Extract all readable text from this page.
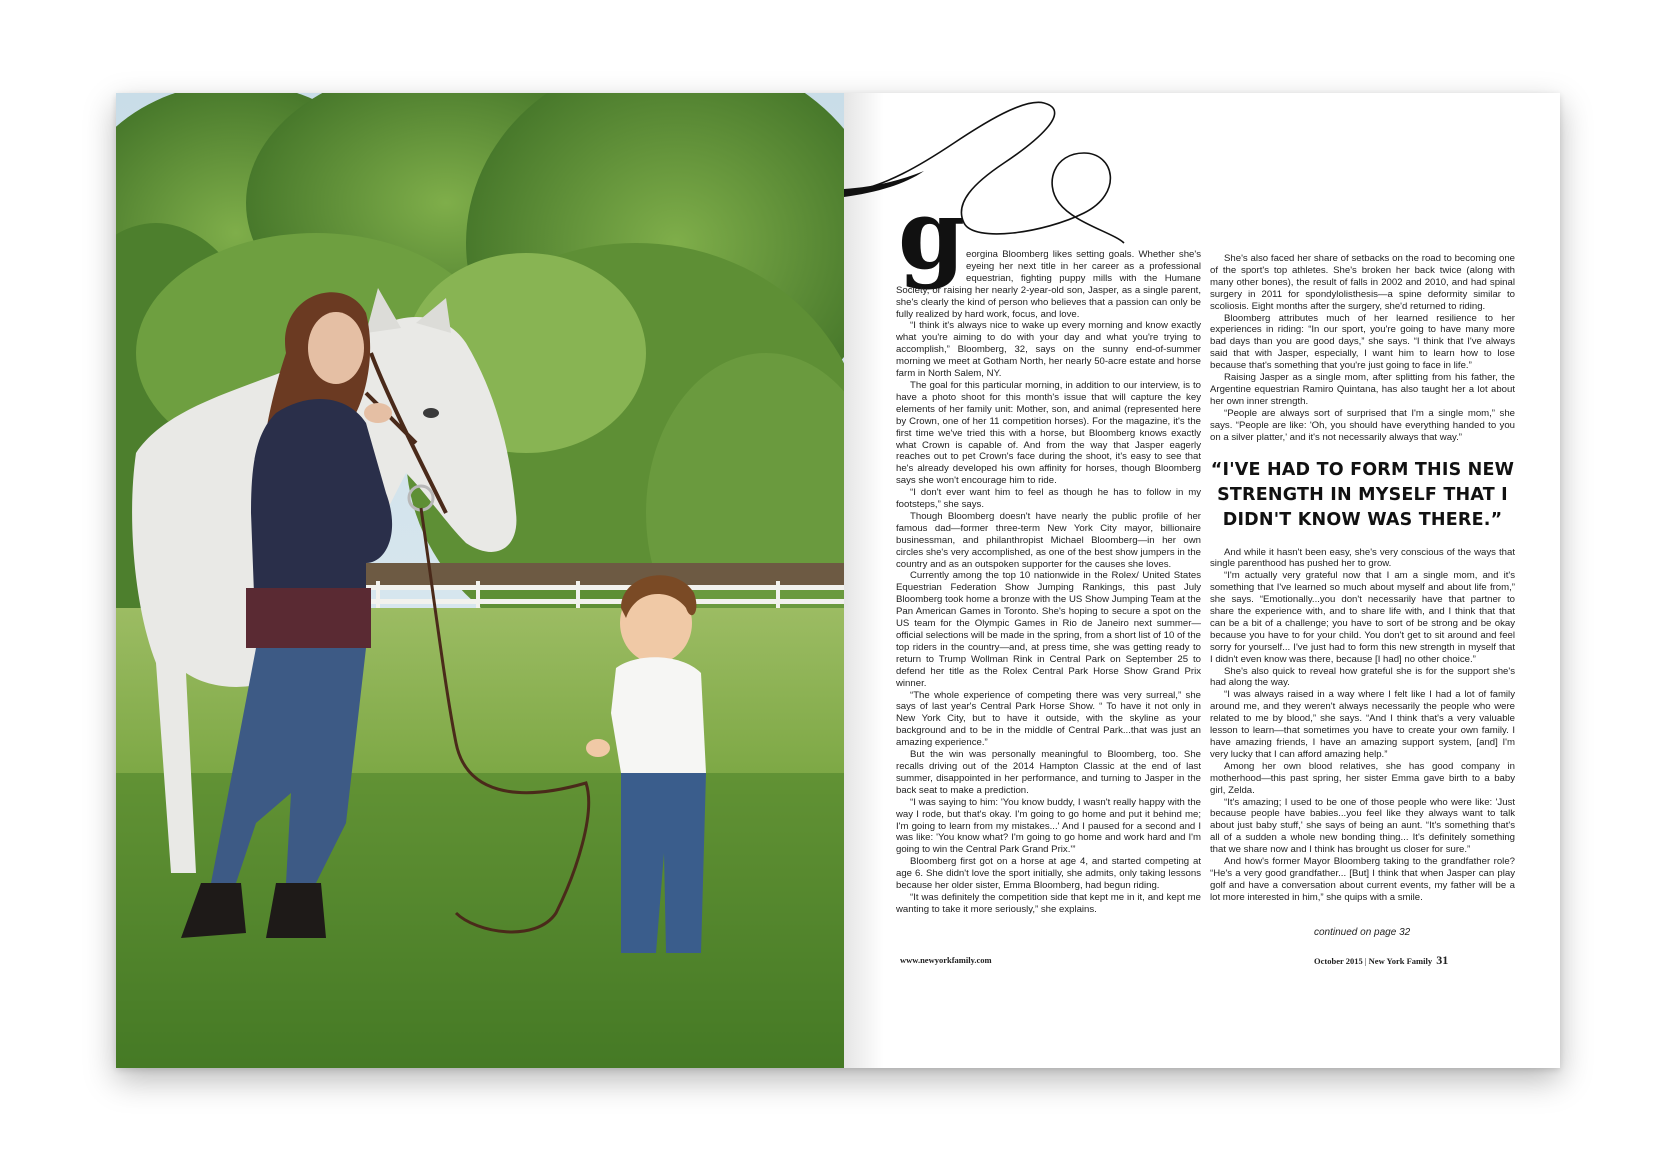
g eorgina Bloomberg likes setting goals. Whether she's eyeing her next title in her career as a professional equestrian, fighting puppy mills with the Humane Society, or raising her nearly 2-year-old son, Jasper, as a single parent, she's clearly the kind of person who believes that a passion can only be fully realized by hard work, focus, and love.

“I think it's always nice to wake up every morning and know exactly what you're aiming to do with your day and what you're trying to accomplish,” Bloomberg, 32, says on the sunny end-of-summer morning we meet at Gotham North, her nearly 50-acre estate and horse farm in North Salem, NY.

The goal for this particular morning, in addition to our interview, is to have a photo shoot for this month's issue that will capture the key elements of her family unit: Mother, son, and animal (represented here by Crown, one of her 11 competition horses). For the magazine, it's the first time we've tried this with a horse, but Bloomberg knows exactly what Crown is capable of. And from the way that Jasper eagerly reaches out to pet Crown's face during the shoot, it's easy to see that he's already developed his own affinity for horses, though Bloomberg says she won't encourage him to ride.

“I don't ever want him to feel as though he has to follow in my footsteps,” she says.

Though Bloomberg doesn't have nearly the public profile of her famous dad—former three-term New York City mayor, billionaire businessman, and philanthropist Michael Bloomberg—in her own circles she's very accomplished, as one of the best show jumpers in the country and as an outspoken supporter for the causes she loves.

Currently among the top 10 nationwide in the Rolex/ United States Equestrian Federation Show Jumping Rankings, this past July Bloomberg took home a bronze with the US Show Jumping Team at the Pan American Games in Toronto. She's hoping to secure a spot on the US team for the Olympic Games in Rio de Janeiro next summer—official selections will be made in the spring, from a short list of 10 of the top riders in the country—and, at press time, she was getting ready to return to Trump Wollman Rink in Central Park on September 25 to defend her title as the Rolex Central Park Horse Show Grand Prix winner.

“The whole experience of competing there was very surreal,” she says of last year's Central Park Horse Show. “ To have it not only in New York City, but to have it outside, with the skyline as your background and to be in the middle of Central Park...that was just an amazing experience.”

But the win was personally meaningful to Bloomberg, too. She recalls driving out of the 2014 Hampton Classic at the end of last summer, disappointed in her performance, and turning to Jasper in the back seat to make a prediction.

“I was saying to him: 'You know buddy, I wasn't really happy with the way I rode, but that's okay. I'm going to go home and put it behind me; I'm going to learn from my mistakes...' And I paused for a second and I was like: 'You know what? I'm going to go home and work hard and I'm going to win the Central Park Grand Prix.'”

Bloomberg first got on a horse at age 4, and started competing at age 6. She didn't love the sport initially, she admits, only taking lessons because her older sister, Emma Bloomberg, had begun riding.

“It was definitely the competition side that kept me in it, and kept me wanting to take it more seriously,” she explains.

She's also faced her share of setbacks on the road to becoming one of the sport's top athletes. She's broken her back twice (along with many other bones), the result of falls in 2002 and 2010, and had spinal surgery in 2011 for spondylolisthesis—a spine deformity similar to scoliosis. Eight months after the surgery, she'd returned to riding.

Bloomberg attributes much of her learned resilience to her experiences in riding: “In our sport, you're going to have many more bad days than you are good days,” she says. “I think that I've always said that with Jasper, especially, I want him to learn how to lose because that's something that you're just going to face in life.”

Raising Jasper as a single mom, after splitting from his father, the Argentine equestrian Ramiro Quintana, has also taught her a lot about her own inner strength.

“People are always sort of surprised that I'm a single mom,” she says. “People are like: 'Oh, you should have everything handed to you on a silver platter,' and it's not necessarily always that way.”

“I'VE HAD TO FORM THIS NEW STRENGTH IN MYSELF THAT I DIDN'T KNOW WAS THERE.”

And while it hasn't been easy, she's very conscious of the ways that single parenthood has pushed her to grow.

“I'm actually very grateful now that I am a single mom, and it's something that I've learned so much about myself and about life from,” she says. “Emotionally...you don't necessarily have that partner to share the experience with, and to share life with, and I think that that can be a bit of a challenge; you have to sort of be strong and be okay because you have to for your child. You don't get to sit around and feel sorry for yourself... I've just had to form this new strength in myself that I didn't even know was there, because [I had] no other choice.”

She's also quick to reveal how grateful she is for the support she's had along the way.

“I was always raised in a way where I felt like I had a lot of family around me, and they weren't always necessarily the people who were related to me by blood,” she says. “And I think that's a very valuable lesson to learn—that sometimes you have to create your own family. I have amazing friends, I have an amazing support system, [and] I'm very lucky that I can afford amazing help.”

Among her own blood relatives, she has good company in motherhood—this past spring, her sister Emma gave birth to a baby girl, Zelda.

“It's amazing; I used to be one of those people who were like: 'Just because people have babies...you feel like they always want to talk about just baby stuff,' she says of being an aunt. “It's something that's all of a sudden a whole new bonding thing... It's definitely something that we share now and I think has brought us closer for sure.”

And how's former Mayor Bloomberg taking to the grandfather role? “He's a very good grandfather... [But] I think that when Jasper can play golf and have a conversation about current events, my father will be a lot more interested in him,” she quips with a smile.

continued on page 32
www.newyorkfamily.com	October 2015 | New York Family 31
